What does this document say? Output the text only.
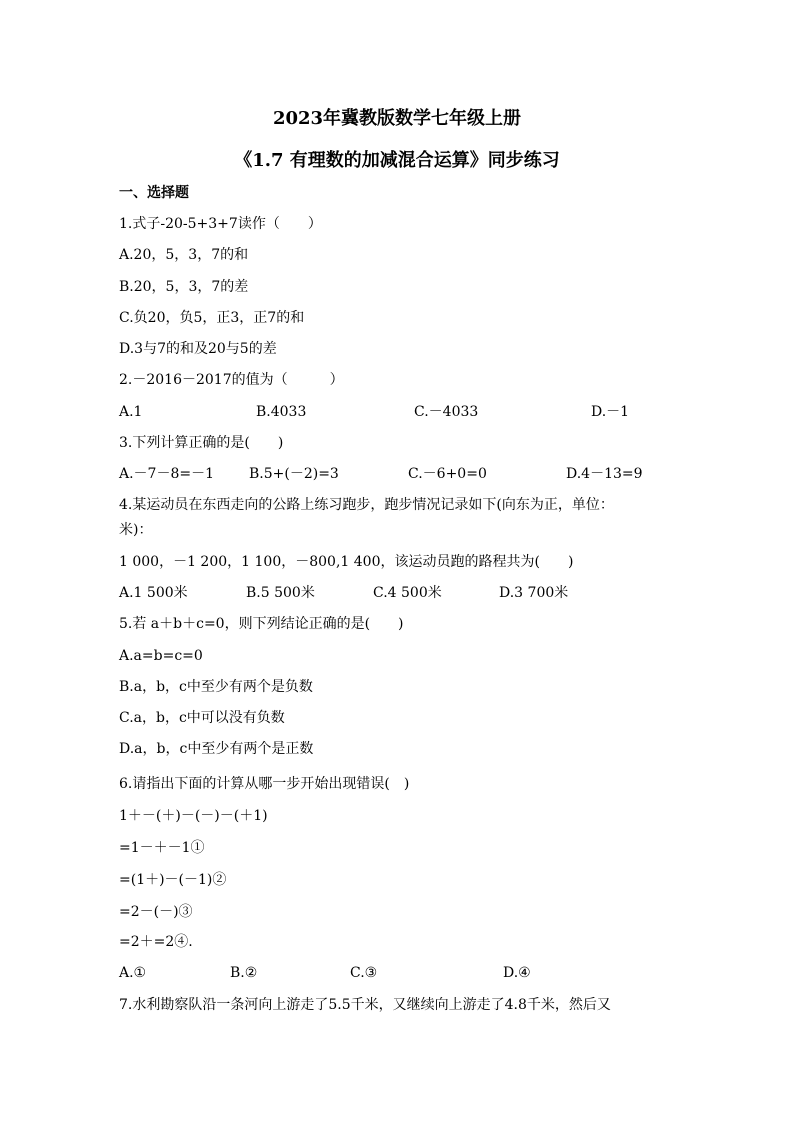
2023年冀教版数学七年级上册
《1.7 有理数的加减混合运算》同步练习
一、选择题
1.式子-20-5+3+7读作（　　）
A.20，5，3，7的和
B.20，5，3，7的差
C.负20，负5，正3，正7的和
D.3与7的和及20与5的差
2.－2016－2017的值为（　　　）
A.1	B.4033	C.－4033	D.－1
3.下列计算正确的是(　　)
A.－7－8=－1 B.5+(－2)=3	C.－6+0=0	D.4－13=9
4.某运动员在东西走向的公路上练习跑步，跑步情况记录如下(向东为正，单位：
米)：
1 000，－1 200，1 100，－800,1 400，该运动员跑的路程共为(　　)
A.1 500米	B.5 500米	C.4 500米	D.3 700米
5.若 a＋b＋c=0，则下列结论正确的是(　　)
A.a=b=c=0
B.a，b，c中至少有两个是负数
C.a，b，c中可以没有负数
D.a，b，c中至少有两个是正数
6.请指出下面的计算从哪一步开始出现错误(　)
1＋－(＋)－(－)－(＋1)
=1－＋－1①
=(1＋)－(－1)②
=2－(－)③
=2＋=2④.
A.①	B.②	C.③	D.④
7.水利勘察队沿一条河向上游走了5.5千米，又继续向上游走了4.8千米，然后又
